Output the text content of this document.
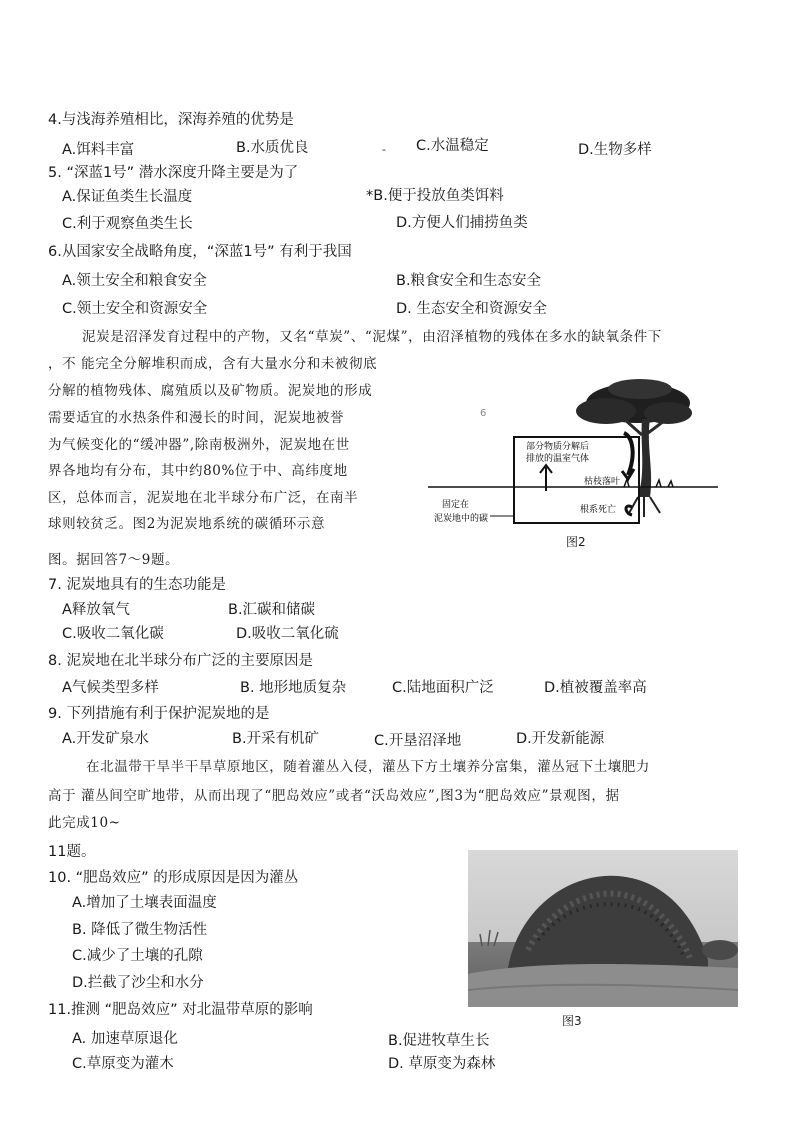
4.与浅海养殖相比，深海养殖的优势是
A.饵料丰富	B.水质优良	- C.水温稳定	D.生物多样
5. “深蓝1号” 潜水深度升降主要是为了
A.保证鱼类生长温度	*B.便于投放鱼类饵料
C.利于观察鱼类生长	D.方便人们捕捞鱼类
6.从国家安全战略角度，“深蓝1号” 有利于我国
A.领土安全和粮食安全	B.粮食安全和生态安全
C.领土安全和资源安全	D. 生态安全和资源安全
泥炭是沼泽发育过程中的产物，又名“草炭”、“泥煤”，由沼泽植物的残体在多水的缺氧条件下
，不 能完全分解堆积而成，含有大量水分和未被彻底
分解的植物残体、腐殖质以及矿物质。泥炭地的形成
需要适宜的水热条件和漫长的时间，泥炭地被誉
为气候变化的“缓冲器”,除南极洲外，泥炭地在世
界各地均有分布，其中约80%位于中、高纬度地
区，总体而言，泥炭地在北半球分布广泛，在南半
球则较贫乏。图2为泥炭地系统的碳循环示意
图。据回答7～9题。
部分物质分解后
排放的温室气体
枯枝落叶
根系死亡
固定在
泥炭地中的碳
6
图2
7. 泥炭地具有的生态功能是
A释放氧气	B.汇碳和储碳
C.吸收二氧化碳	D.吸收二氧化硫
8. 泥炭地在北半球分布广泛的主要原因是
A气候类型多样	B. 地形地质复杂	C.陆地面积广泛	D.植被覆盖率高
9. 下列措施有利于保护泥炭地的是
A.开发矿泉水	B.开采有机矿	C.开垦沼泽地	D.开发新能源
在北温带干旱半干旱草原地区，随着灌丛入侵，灌丛下方土壤养分富集，灌丛冠下土壤肥力
高于 灌丛间空旷地带，从而出现了“肥岛效应”或者“沃岛效应”,图3为“肥岛效应”景观图，据
此完成10~
11题。
10. “肥岛效应” 的形成原因是因为灌丛
A.增加了土壤表面温度
B. 降低了微生物活性
C.减少了土壤的孔隙
D.拦截了沙尘和水分
图3
11.推测 “肥岛效应” 对北温带草原的影响
A. 加速草原退化	B.促进牧草生长
C.草原变为灌木	D. 草原变为森林
